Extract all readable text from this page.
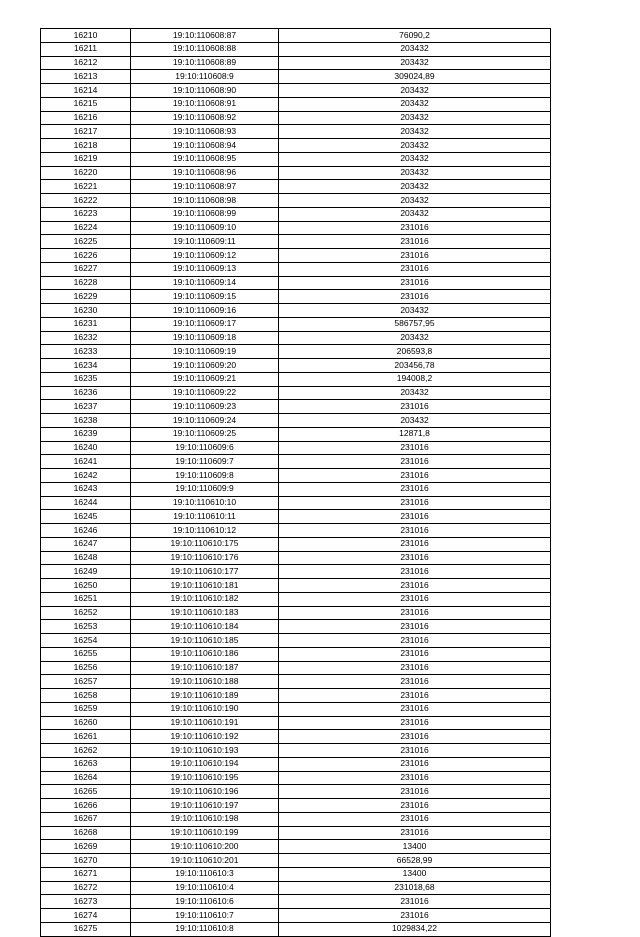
16210	19:10:110608:87	76090,2
16211	19:10:110608:88	203432
16212	19:10:110608:89	203432
16213	19:10:110608:9	309024,89
16214	19:10:110608:90	203432
16215	19:10:110608:91	203432
16216	19:10:110608:92	203432
16217	19:10:110608:93	203432
16218	19:10:110608:94	203432
16219	19:10:110608:95	203432
16220	19:10:110608:96	203432
16221	19:10:110608:97	203432
16222	19:10:110608:98	203432
16223	19:10:110608:99	203432
16224	19:10:110609:10	231016
16225	19:10:110609:11	231016
16226	19:10:110609:12	231016
16227	19:10:110609:13	231016
16228	19:10:110609:14	231016
16229	19:10:110609:15	231016
16230	19:10:110609:16	203432
16231	19:10:110609:17	586757,95
16232	19:10:110609:18	203432
16233	19:10:110609:19	206593,8
16234	19:10:110609:20	203456,78
16235	19:10:110609:21	194008,2
16236	19:10:110609:22	203432
16237	19:10:110609:23	231016
16238	19:10:110609:24	203432
16239	19:10:110609:25	12871,8
16240	19:10:110609:6	231016
16241	19:10:110609:7	231016
16242	19:10:110609:8	231016
16243	19:10:110609:9	231016
16244	19:10:110610:10	231016
16245	19:10:110610:11	231016
16246	19:10:110610:12	231016
16247	19:10:110610:175	231016
16248	19:10:110610:176	231016
16249	19:10:110610:177	231016
16250	19:10:110610:181	231016
16251	19:10:110610:182	231016
16252	19:10:110610:183	231016
16253	19:10:110610:184	231016
16254	19:10:110610:185	231016
16255	19:10:110610:186	231016
16256	19:10:110610:187	231016
16257	19:10:110610:188	231016
16258	19:10:110610:189	231016
16259	19:10:110610:190	231016
16260	19:10:110610:191	231016
16261	19:10:110610:192	231016
16262	19:10:110610:193	231016
16263	19:10:110610:194	231016
16264	19:10:110610:195	231016
16265	19:10:110610:196	231016
16266	19:10:110610:197	231016
16267	19:10:110610:198	231016
16268	19:10:110610:199	231016
16269	19:10:110610:200	13400
16270	19:10:110610:201	66528,99
16271	19:10:110610:3	13400
16272	19:10:110610:4	231018,68
16273	19:10:110610:6	231016
16274	19:10:110610:7	231016
16275	19:10:110610:8	1029834,22
